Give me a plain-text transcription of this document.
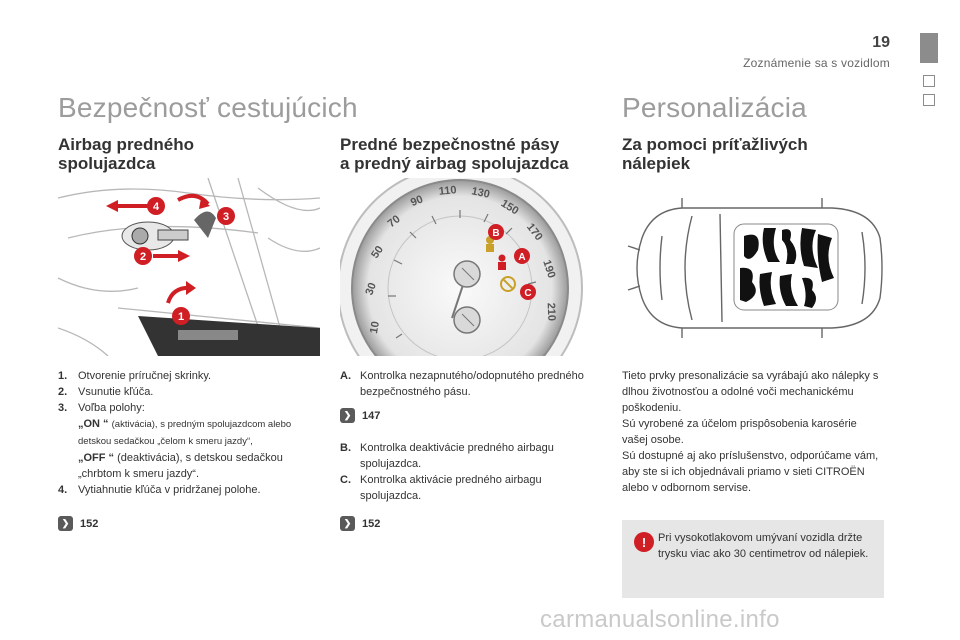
19
Zoznámenie sa s vozidlom
Bezpečnosť cestujúcich	Personalizácia
Airbag predného
spolujazdca
Predné bezpečnostné pásy
a predný airbag spolujazdca
Za pomoci príťažlivých
nálepiek
1
2
3
4
10
30
50
70
90
110 130
150
170
190
210
B
A
C
1. Otvorenie príručnej skrinky.
2. Vsunutie kľúča.
3. Voľba polohy:
„ON “ (aktivácia), s predným spolujazdcom alebo detskou sedačkou „čelom k smeru jazdy“,
„OFF “ (deaktivácia), s detskou sedačkou „chrbtom k smeru jazdy“.
4. Vytiahnutie kľúča v pridržanej polohe.
❯ 152
A. Kontrolka nezapnutého/odopnutého predného bezpečnostného pásu.
❯ 147
B. Kontrolka deaktivácie predného airbagu spolujazdca.
C. Kontrolka aktivácie predného airbagu spolujazdca.
❯ 152
Tieto prvky presonalizácie sa vyrábajú ako nálepky s dlhou životnosťou a odolné voči mechanickému poškodeniu.
Sú vyrobené za účelom prispôsobenia karosérie vašej osobe.
Sú dostupné aj ako príslušenstvo, odporúčame vám, aby ste si ich objednávali priamo v sieti CITROËN alebo v odbornom servise.
!	Pri vysokotlakovom umývaní vozidla držte trysku viac ako 30 centimetrov od nálepiek.
carmanualsonline.info
